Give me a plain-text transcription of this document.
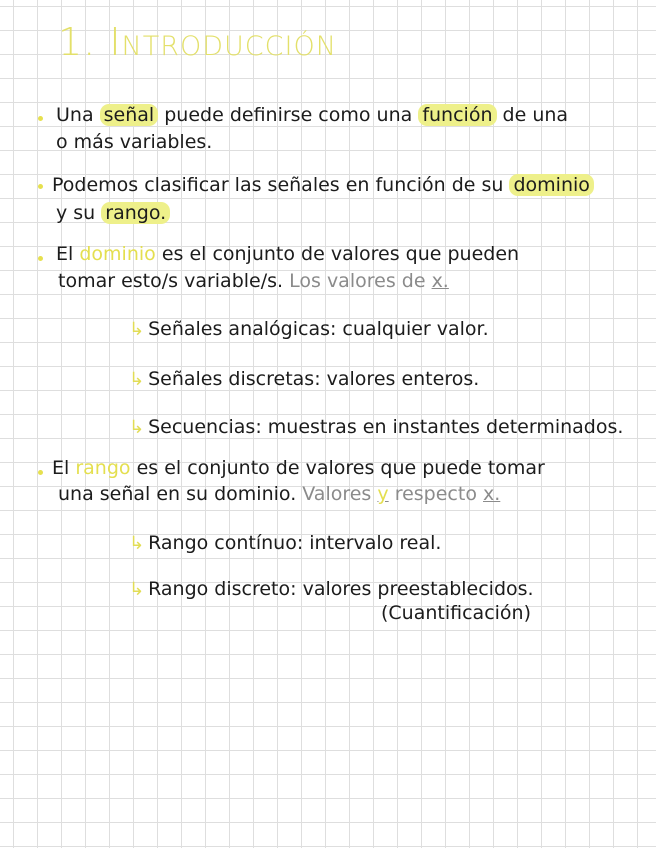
1. Introducción
Una señal puede definirse como una función de una
o más variables.
Podemos clasificar las señales en función de su dominio
y su rango.
El dominio es el conjunto de valores que pueden
tomar esto/s variable/s. Los valores de x.
↳ Señales analógicas: cualquier valor.
↳ Señales discretas: valores enteros.
↳ Secuencias: muestras en instantes determinados.
El rango es el conjunto de valores que puede tomar
una señal en su dominio. Valores y respecto x.
↳ Rango contínuo: intervalo real.
↳ Rango discreto: valores preestablecidos.
(Cuantificación)
